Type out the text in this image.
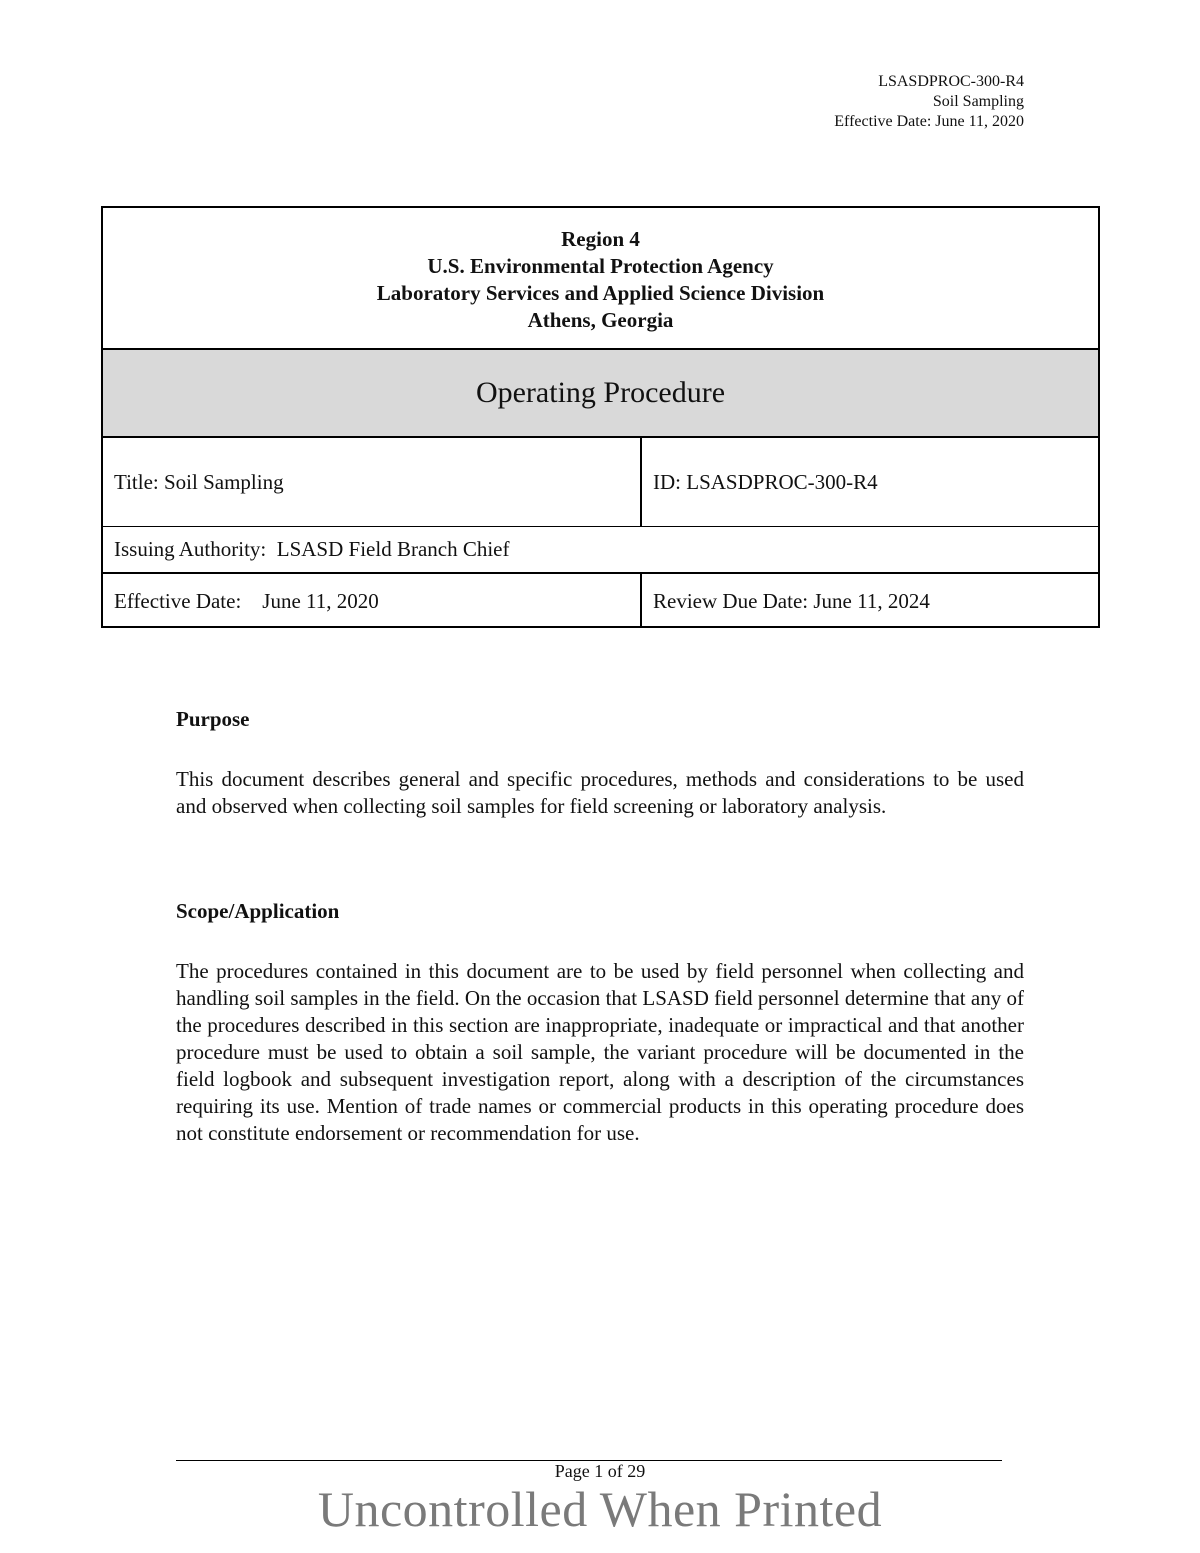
LSASDPROC-300-R4
Soil Sampling
Effective Date: June 11, 2020
Region 4
U.S. Environmental Protection Agency
Laboratory Services and Applied Science Division
Athens, Georgia
Operating Procedure
Title: Soil Sampling	ID: LSASDPROC-300-R4
Issuing Authority:  LSASD Field Branch Chief
Effective Date:    June 11, 2020	Review Due Date: June 11, 2024
Purpose
This document describes general and specific procedures, methods and considerations to be used and observed when collecting soil samples for field screening or laboratory analysis.
Scope/Application
The procedures contained in this document are to be used by field personnel when collecting and handling soil samples in the field. On the occasion that LSASD field personnel determine that any of the procedures described in this section are inappropriate, inadequate or impractical and that another procedure must be used to obtain a soil sample, the variant procedure will be documented in the field logbook and subsequent investigation report, along with a description of the circumstances requiring its use. Mention of trade names or commercial products in this operating procedure does not constitute endorsement or recommendation for use.
Page 1 of 29
Uncontrolled When Printed
